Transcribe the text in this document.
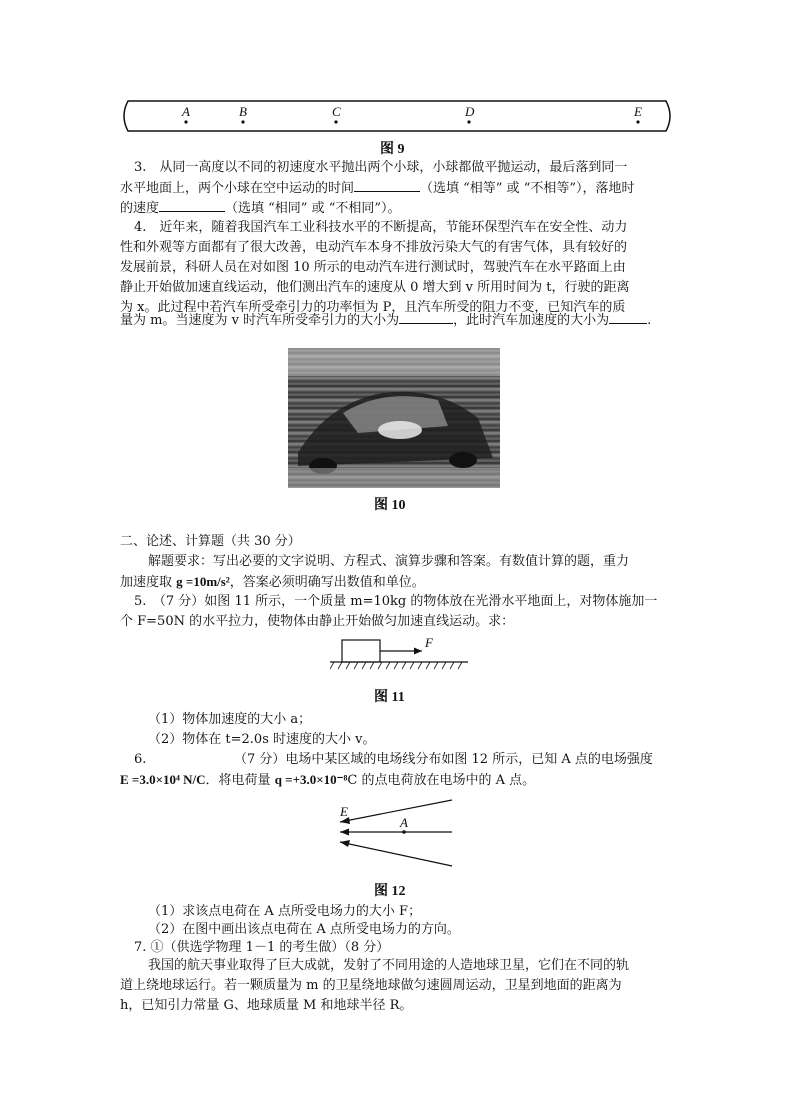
A	B	C	D	E
图 9
3.　从同一高度以不同的初速度水平抛出两个小球，小球都做平抛运动，最后落到同一
水平地面上，两个小球在空中运动的时间	（选填 “相等” 或 “不相等”），落地时
的速度	（选填 “相同” 或 “不相同”）。
4.　近年来，随着我国汽车工业科技水平的不断提高，节能环保型汽车在安全性、动力
性和外观等方面都有了很大改善，电动汽车本身不排放污染大气的有害气体，具有较好的
发展前景，科研人员在对如图 10 所示的电动汽车进行测试时，驾驶汽车在水平路面上由
静止开始做加速直线运动，他们测出汽车的速度从 0 增大到 v 所用时间为 t，行驶的距离
为 x。此过程中若汽车所受牵引力的功率恒为 P，且汽车所受的阻力不变，已知汽车的质
量为 m。当速度为 v 时汽车所受牵引力的大小为	，此时汽车加速度的大小为	.
图 10
二、论述、计算题（共 30 分）
解题要求：写出必要的文字说明、方程式、演算步骤和答案。有数值计算的题，重力
加速度取 g =10m/s²，答案必须明确写出数值和单位。
5.　（7 分）如图 11 所示，一个质量 m=10kg 的物体放在光滑水平地面上，对物体施加一
个 F=50N 的水平拉力，使物体由静止开始做匀加速直线运动。求：
F
图 11
（1）物体加速度的大小 a；
（2）物体在 t=2.0s 时速度的大小 v。
6.	（7 分）电场中某区域的电场线分布如图 12 所示，已知 A 点的电场强度
E =3.0×10⁴ N/C．将电荷量 q =+3.0×10⁻⁸C 的点电荷放在电场中的 A 点。
E
A
图 12
（1）求该点电荷在 A 点所受电场力的大小 F；
（2）在图中画出该点电荷在 A 点所受电场力的方向。
7. ①（供选学物理 1－1 的考生做）（8 分）
我国的航天事业取得了巨大成就，发射了不同用途的人造地球卫星，它们在不同的轨
道上绕地球运行。若一颗质量为 m 的卫星绕地球做匀速圆周运动，卫星到地面的距离为
h，已知引力常量 G、地球质量 M 和地球半径 R。
